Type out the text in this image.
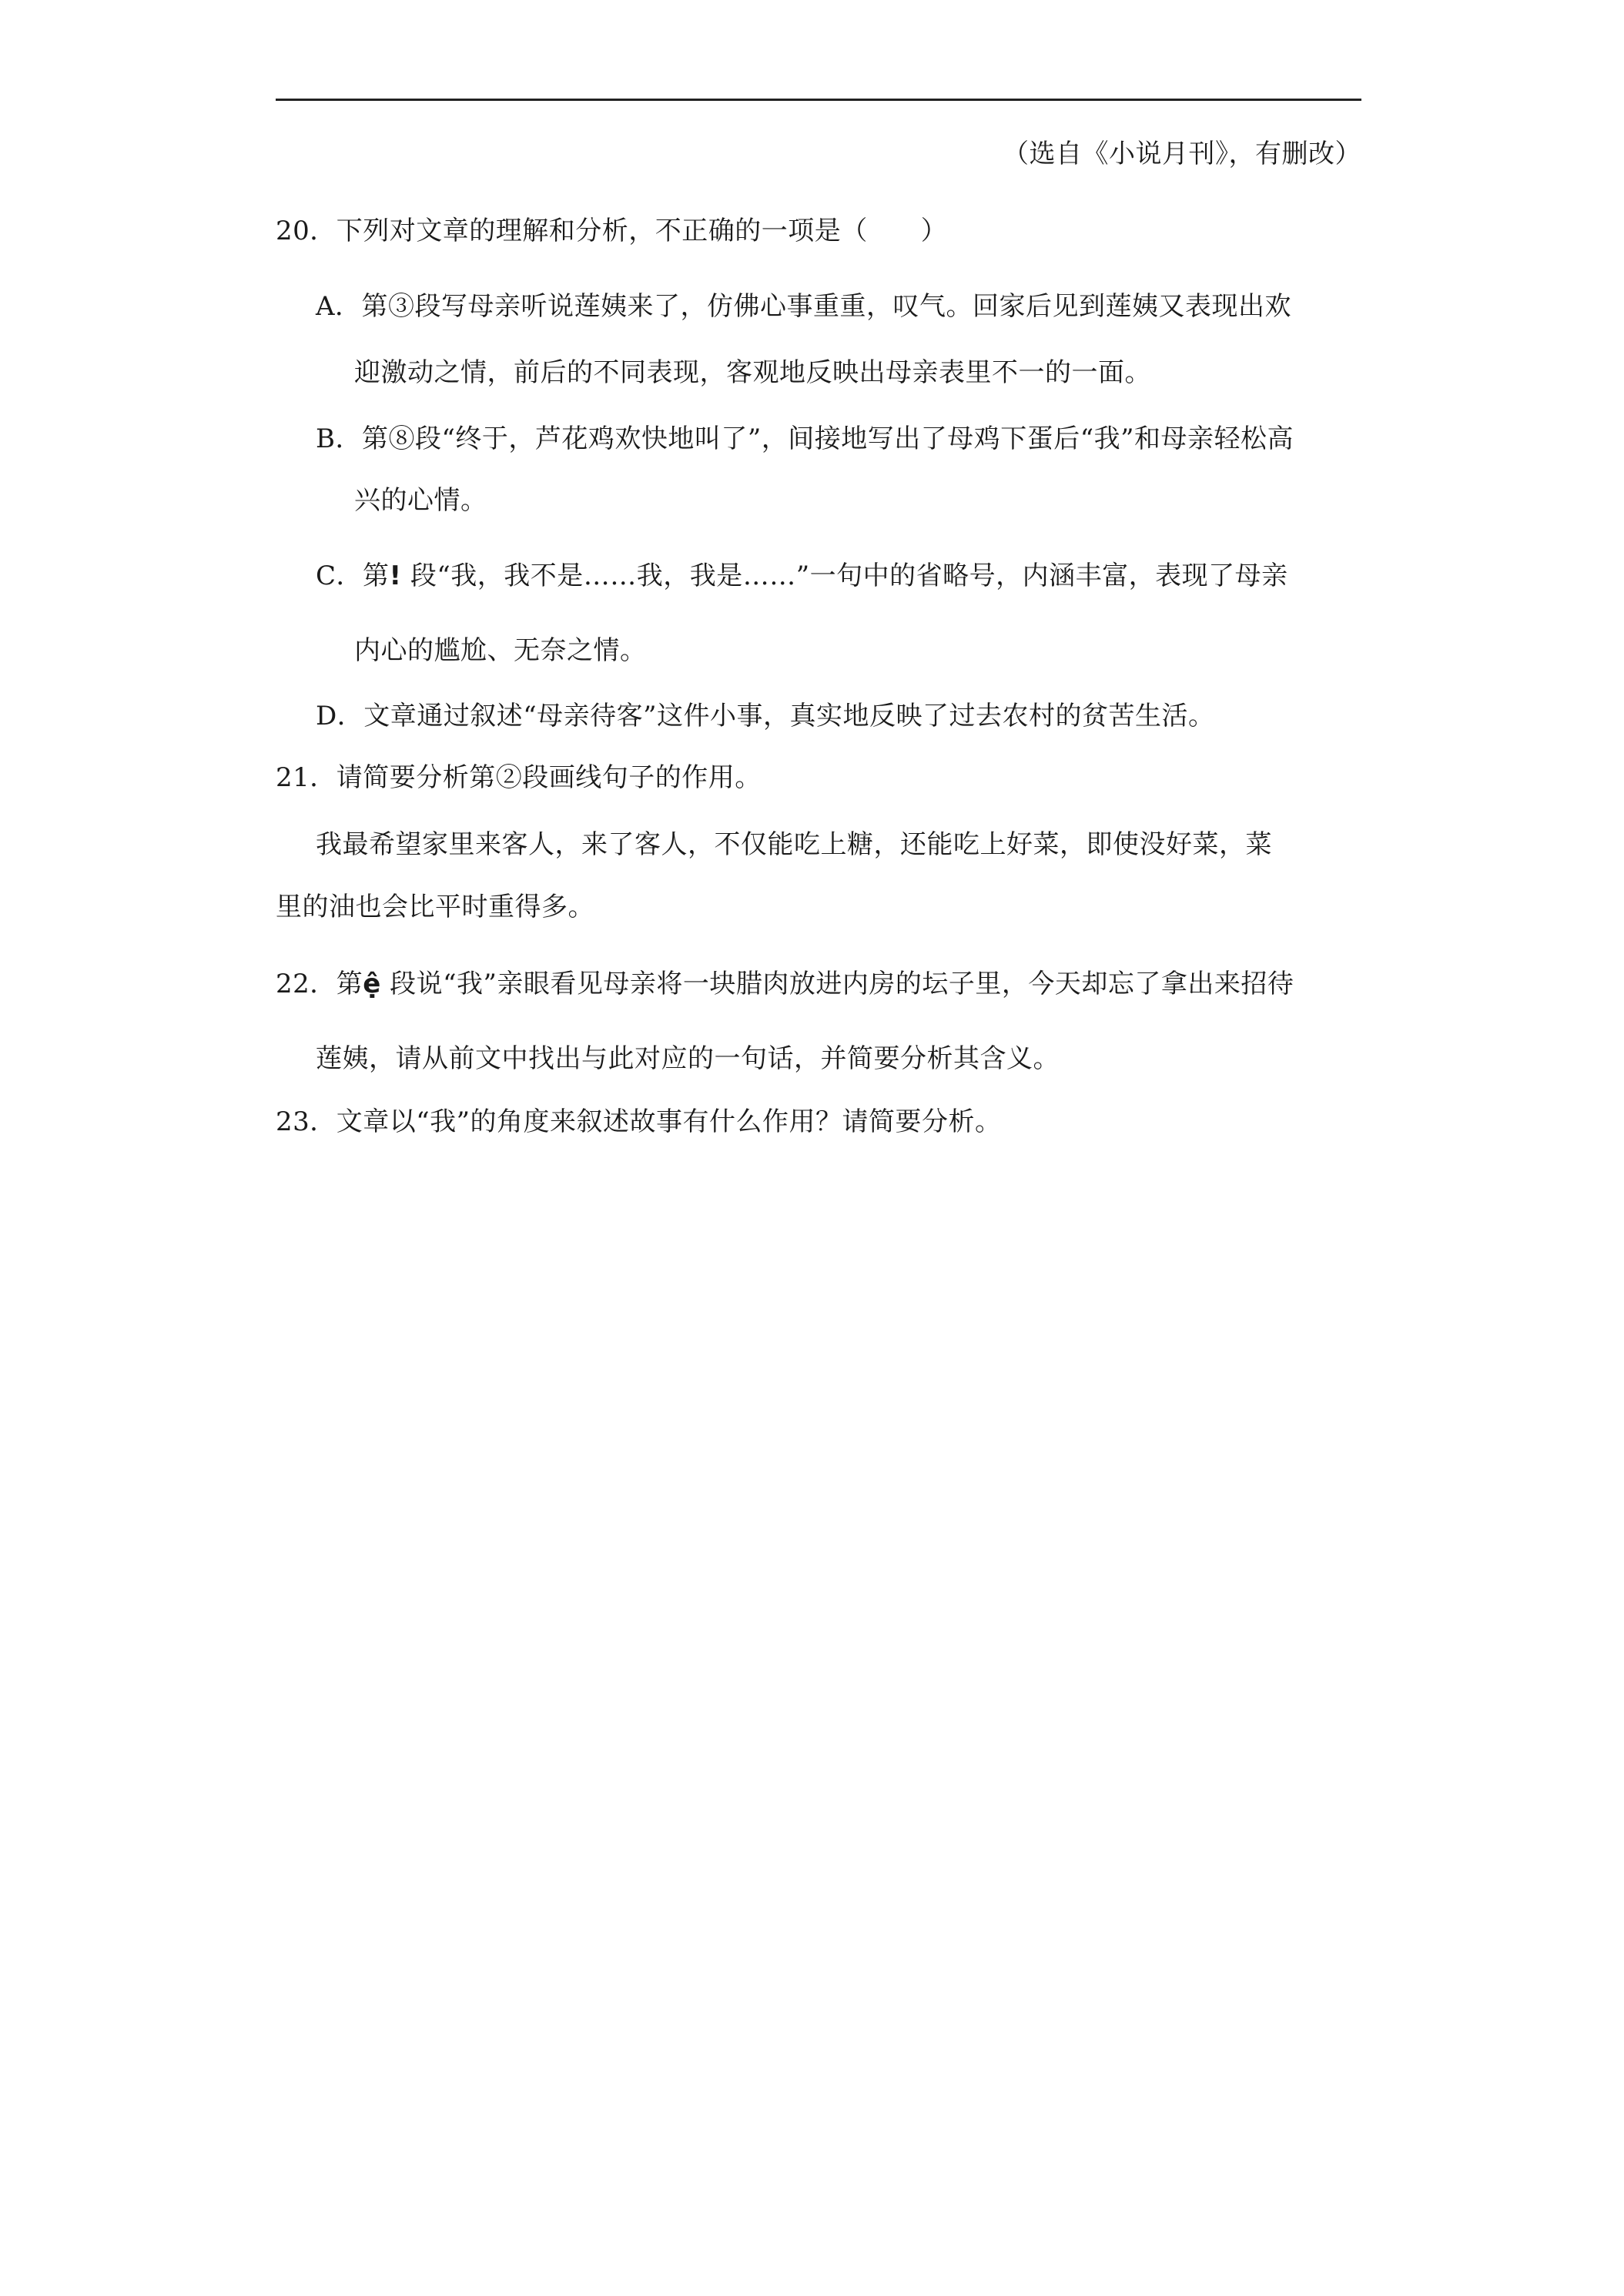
（选自《小说月刊》，有删改）
20．下列对文章的理解和分析，不正确的一项是（　　）
A．第③段写母亲听说莲姨来了，仿佛心事重重，叹气。回家后见到莲姨又表现出欢
迎激动之情，前后的不同表现，客观地反映出母亲表里不一的一面。
B．第⑧段“终于，芦花鸡欢快地叫了”，间接地写出了母鸡下蛋后“我”和母亲轻松高
兴的心情。
C．第! 段“我，我不是……我，我是……”一句中的省略号，内涵丰富，表现了母亲
内心的尴尬、无奈之情。
D．文章通过叙述“母亲待客”这件小事，真实地反映了过去农村的贫苦生活。
21．请简要分析第②段画线句子的作用。
我最希望家里来客人，来了客人，不仅能吃上糖，还能吃上好菜，即使没好菜，菜
里的油也会比平时重得多。
22．第ệ 段说“我”亲眼看见母亲将一块腊肉放进内房的坛子里，今天却忘了拿出来招待
莲姨，请从前文中找出与此对应的一句话，并简要分析其含义。
23．文章以“我”的角度来叙述故事有什么作用？请简要分析。
